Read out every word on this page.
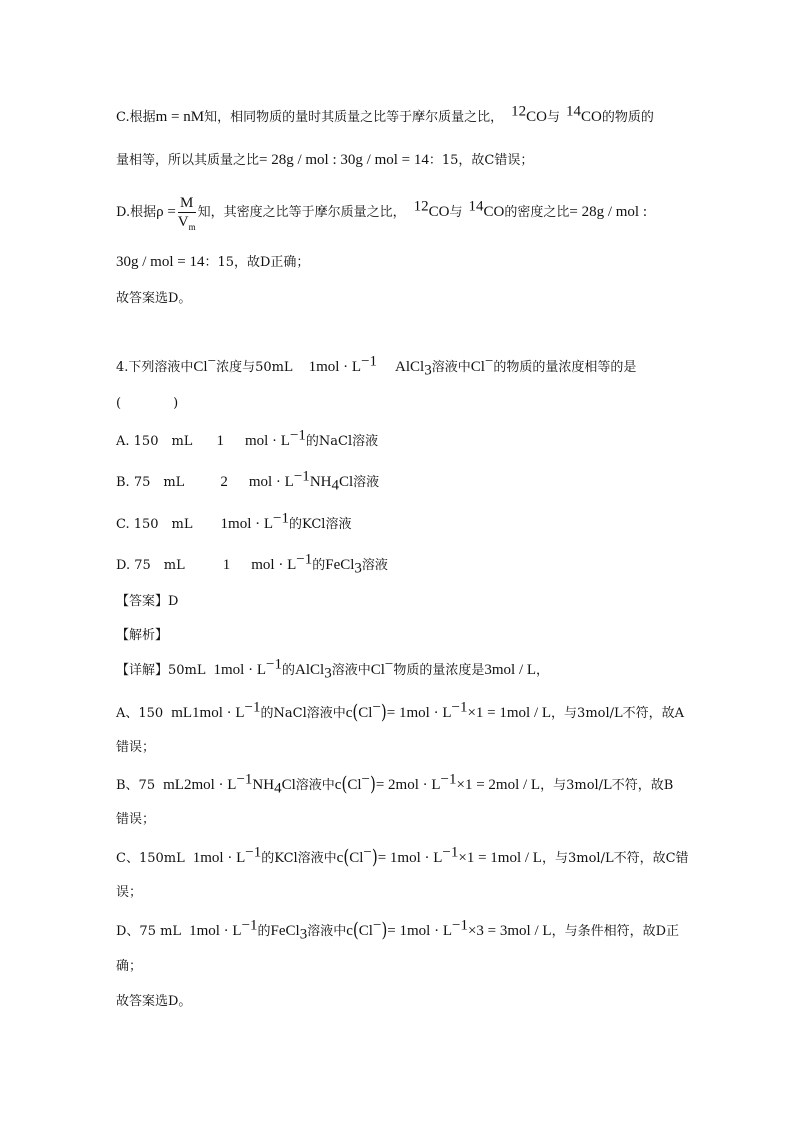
C.根据m = nM知，相同物质的量时其质量之比等于摩尔质量之比， $^{12}$CO与 $^{14}$CO的物质的
量相等，所以其质量之比= 28g / mol : 30g / mol = 14：15，故C错误；
D.根据$\rho = \frac{M}{V_m}$ 知，其密度之比等于摩尔质量之比， $^{12}$CO与 $^{14}$CO的密度之比= 28g / mol :
30g / mol = 14：15，故D正确；
故答案选D。
4.下列溶液中Cl−浓度与50mL $1mol \cdot L^{-1}$ AlCl$_3$溶液中Cl−的物质的量浓度相等的是
(　　　　)
A. 150　mL 1　mol · $L^{-1}$的NaCl溶液
B. 75　mL 2　mol · $L^{-1}NH_4Cl$溶液
C. 150　mL $1mol \cdot L^{-1}$的KCl溶液
D. 75　mL	1　mol · $L^{-1}$的FeCl$_3$溶液
【答案】D
【解析】
【详解】50mL $1mol \cdot L^{-1}$的AlCl$_3$溶液中Cl−物质的量浓度是3mol / L，
A、150 $mL1mol \cdot L^{-1}$的NaCl溶液中$c(Cl^-)= 1mol \cdot L^{-1}\times 1 = 1mol / L$，与3mol/L不符，故A
错误；
B、75 $mL2mol \cdot L^{-1}NH_4Cl$溶液中$c(Cl^-)= 2mol \cdot L^{-1}\times 1 = 2mol / L$，与3mol/L不符，故B
错误；
C、150mL $1mol \cdot L^{-1}$的KCl溶液中$c(Cl^-)= 1mol \cdot L^{-1}\times 1 = 1mol / L$，与3mol/L不符，故C错
误；
D、75 mL $1mol \cdot L^{-1}$的FeCl$_3$溶液中$c(Cl^-)= 1mol \cdot L^{-1}\times 3 = 3mol / L$，与条件相符，故D正
确；
故答案选D。
